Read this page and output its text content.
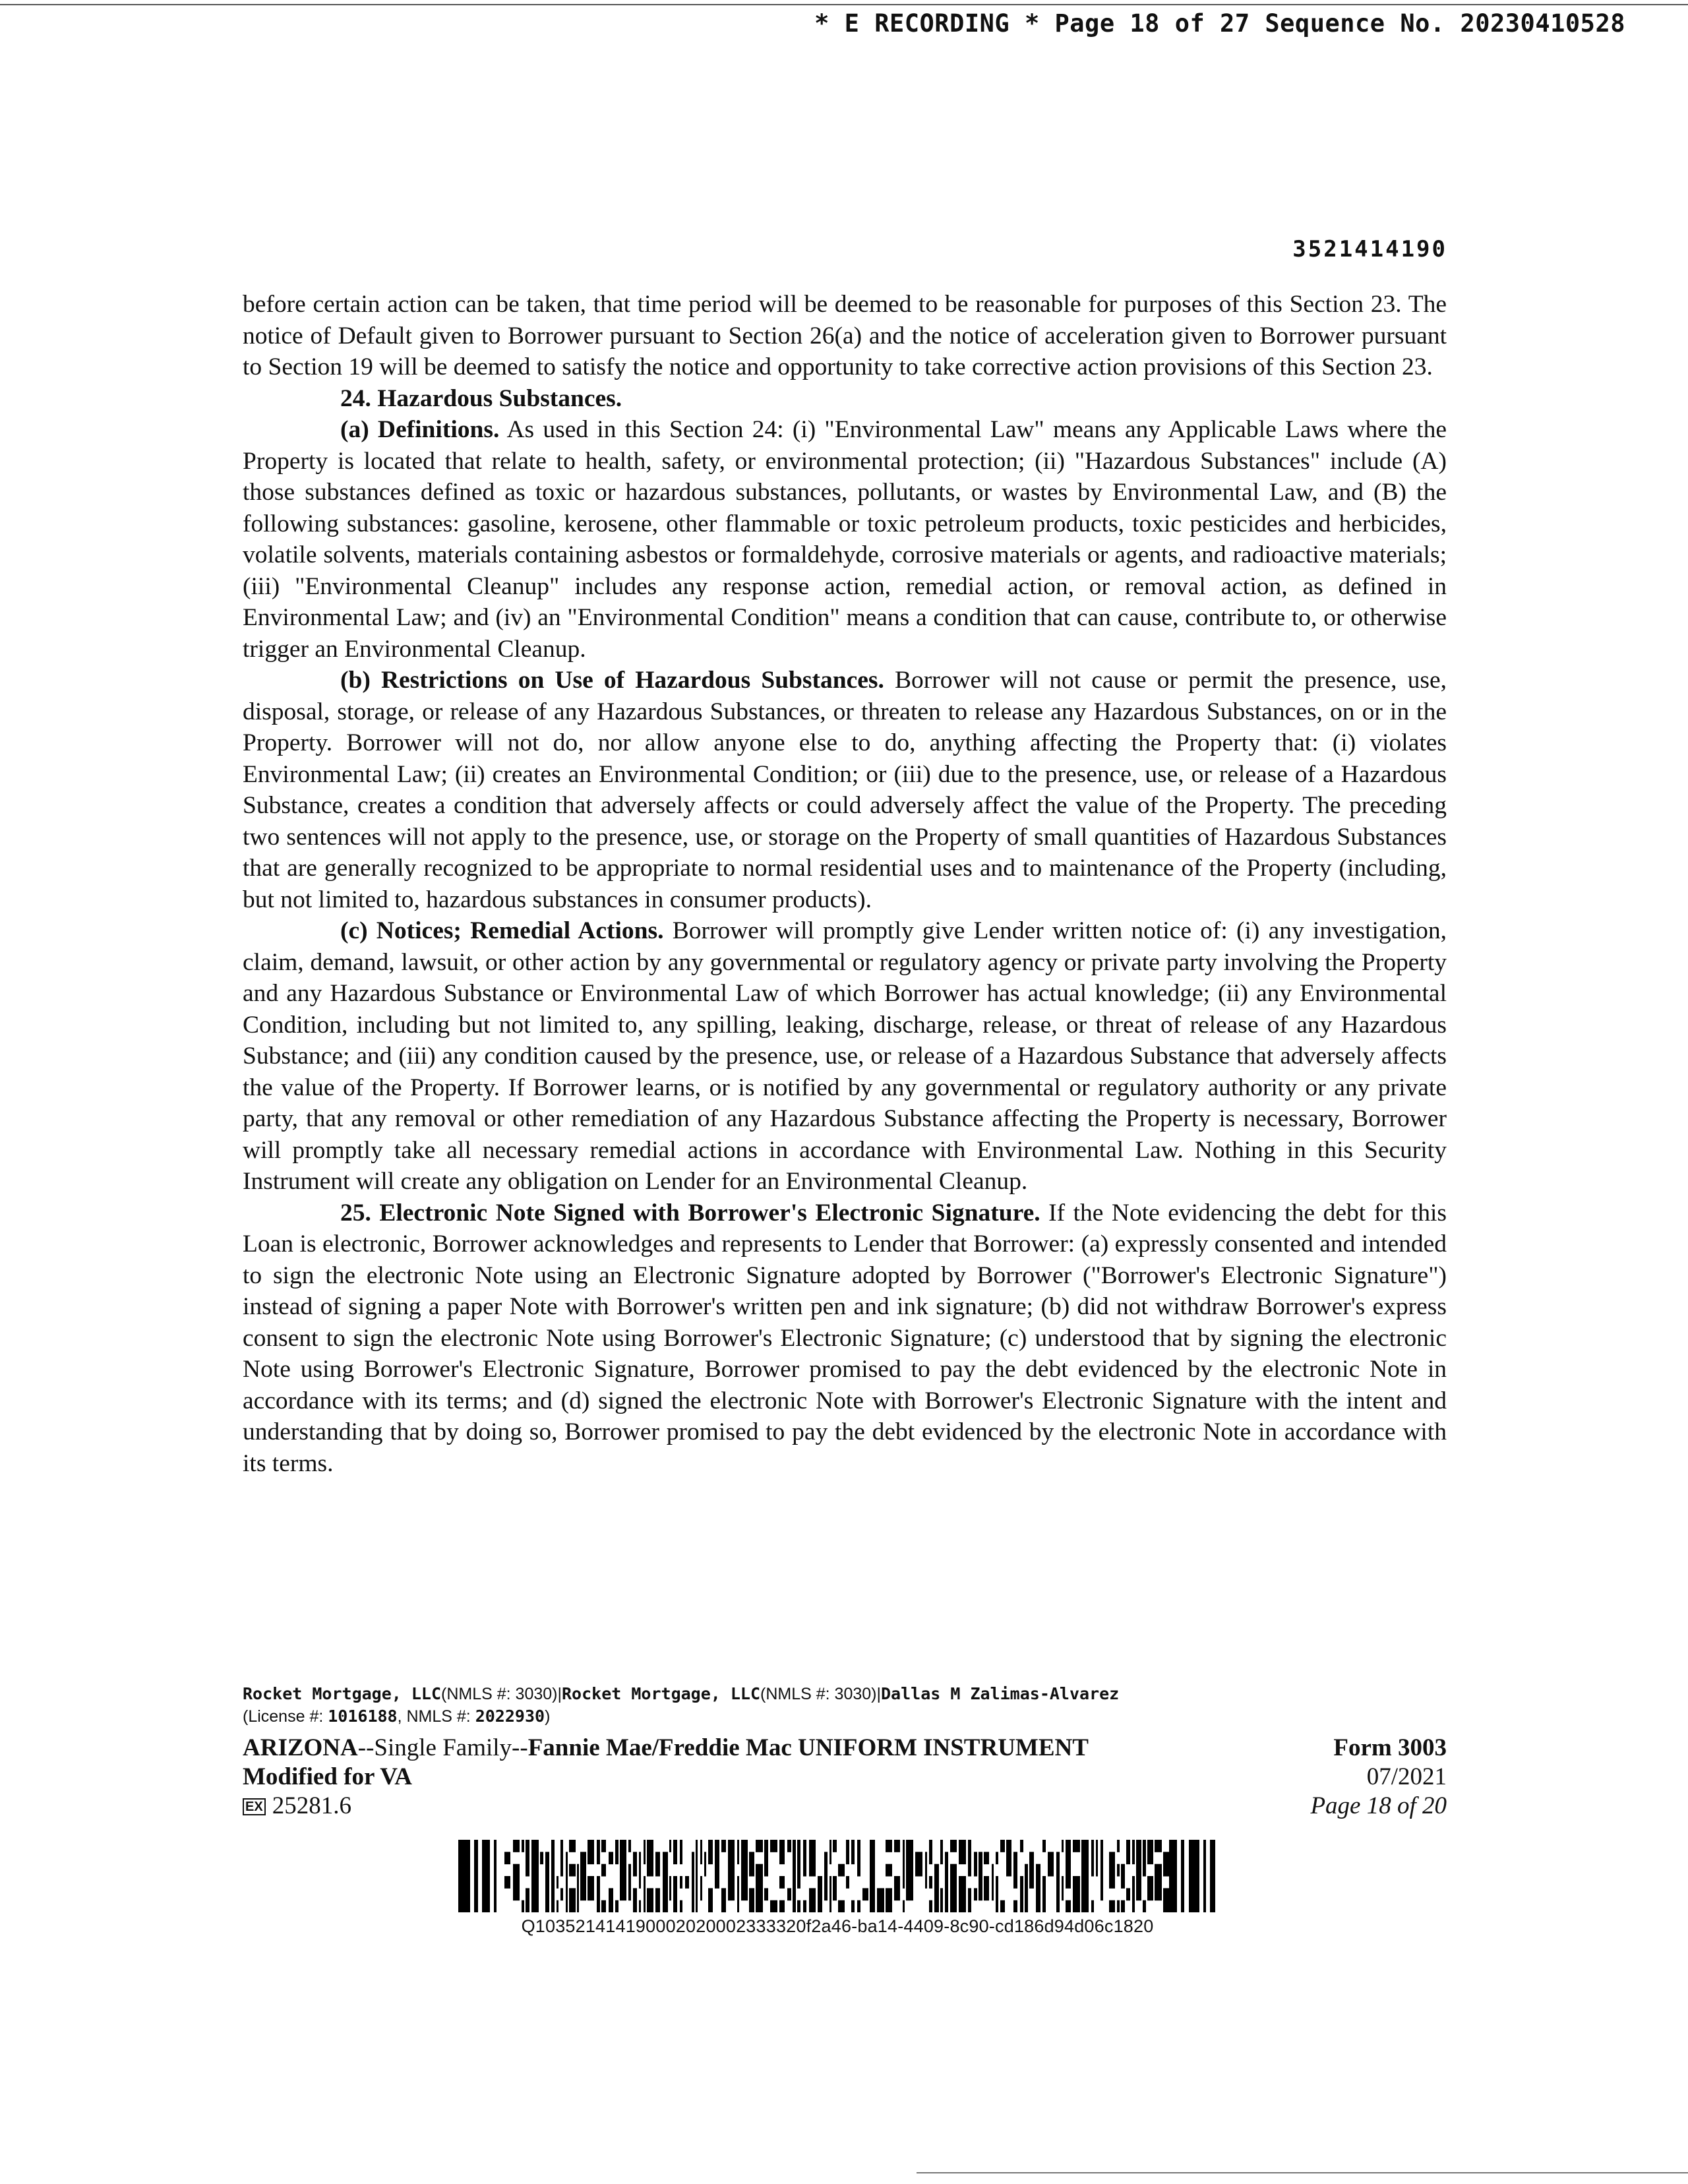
* E RECORDING * Page 18 of 27 Sequence No. 20230410528
3521414190

before certain action can be taken, that time period will be deemed to be reasonable for purposes of this Section 23. The notice of Default given to Borrower pursuant to Section 26(a) and the notice of acceleration given to Borrower pursuant to Section 19 will be deemed to satisfy the notice and opportunity to take corrective action provisions of this Section 23.

24. Hazardous Substances.

(a) Definitions. As used in this Section 24: (i) "Environmental Law" means any Applicable Laws where the Property is located that relate to health, safety, or environmental protection; (ii) "Hazardous Substances" include (A) those substances defined as toxic or hazardous substances, pollutants, or wastes by Environmental Law, and (B) the following substances: gasoline, kerosene, other flammable or toxic petroleum products, toxic pesticides and herbicides, volatile solvents, materials containing asbestos or formaldehyde, corrosive materials or agents, and radioactive materials; (iii) "Environmental Cleanup" includes any response action, remedial action, or removal action, as defined in Environmental Law; and (iv) an "Environmental Condition" means a condition that can cause, contribute to, or otherwise trigger an Environmental Cleanup.

(b) Restrictions on Use of Hazardous Substances. Borrower will not cause or permit the presence, use, disposal, storage, or release of any Hazardous Substances, or threaten to release any Hazardous Substances, on or in the Property. Borrower will not do, nor allow anyone else to do, anything affecting the Property that: (i) violates Environmental Law; (ii) creates an Environmental Condition; or (iii) due to the presence, use, or release of a Hazardous Substance, creates a condition that adversely affects or could adversely affect the value of the Property. The preceding two sentences will not apply to the presence, use, or storage on the Property of small quantities of Hazardous Substances that are generally recognized to be appropriate to normal residential uses and to maintenance of the Property (including, but not limited to, hazardous substances in consumer products).

(c) Notices; Remedial Actions. Borrower will promptly give Lender written notice of: (i) any investigation, claim, demand, lawsuit, or other action by any governmental or regulatory agency or private party involving the Property and any Hazardous Substance or Environmental Law of which Borrower has actual knowledge; (ii) any Environmental Condition, including but not limited to, any spilling, leaking, discharge, release, or threat of release of any Hazardous Substance; and (iii) any condition caused by the presence, use, or release of a Hazardous Substance that adversely affects the value of the Property. If Borrower learns, or is notified by any governmental or regulatory authority or any private party, that any removal or other remediation of any Hazardous Substance affecting the Property is necessary, Borrower will promptly take all necessary remedial actions in accordance with Environmental Law. Nothing in this Security Instrument will create any obligation on Lender for an Environmental Cleanup.

25. Electronic Note Signed with Borrower's Electronic Signature. If the Note evidencing the debt for this Loan is electronic, Borrower acknowledges and represents to Lender that Borrower: (a) expressly consented and intended to sign the electronic Note using an Electronic Signature adopted by Borrower ("Borrower's Electronic Signature") instead of signing a paper Note with Borrower's written pen and ink signature; (b) did not withdraw Borrower's express consent to sign the electronic Note using Borrower's Electronic Signature; (c) understood that by signing the electronic Note using Borrower's Electronic Signature, Borrower promised to pay the debt evidenced by the electronic Note in accordance with its terms; and (d) signed the electronic Note with Borrower's Electronic Signature with the intent and understanding that by doing so, Borrower promised to pay the debt evidenced by the electronic Note in accordance with its terms.

Rocket Mortgage, LLC(NMLS #: 3030)|Rocket Mortgage, LLC(NMLS #: 3030)|Dallas M Zalimas-Alvarez
(License #: 1016188, NMLS #: 2022930)
ARIZONA--Single Family--Fannie Mae/Freddie Mac UNIFORM INSTRUMENT
Modified for VA
EX 25281.6
Form 3003
07/2021
Page 18 of 20
Q103521414190002020002333320f2a46-ba14-4409-8c90-cd186d94d06c1820
